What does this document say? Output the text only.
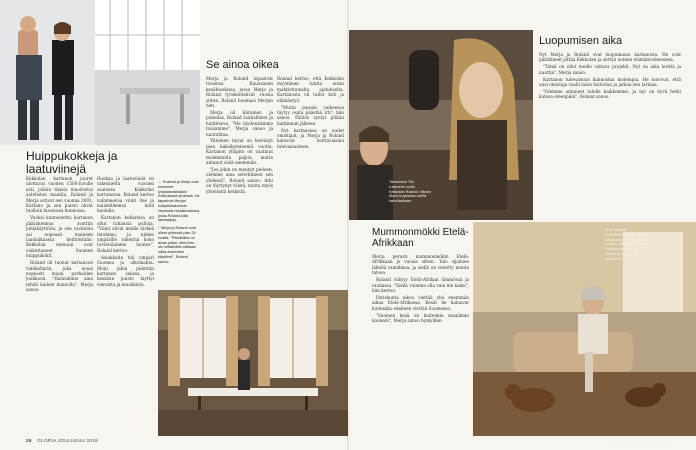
Huippukokkeja ja laatuviinejä

Kekkolan kartanon juuret ulottuvat vuoden 1500-luvulle asti, jolloin tilasta muodostui aateliston maatila. Roland ja Merja ostivat sen vuonna 2001. Kartano ja sen puisto olivat tuolloin huonossa kunnossa.

Vuoksi kunnostettu kartanon päärakennus avattiin juhlakäyttöön, ja sen ravintola sai nopeasti maineen laadukkaasta keittiöstään. Kekkolan menuun ovat vaikuttaneet Suomen huippukokit.

Roland oli tuonut kartanoon viinikellarin, joka nousi nopeasti maan parhaiden joukkoon. "Halusimme aina tehdä kaiken kunnolla", Merja sanoo.

Ruokaa ja laatuviiniä on rakennettu vuosien saatossa Kekkolan kartanossa. Roland kertoo valinneensa viinit itse ja maistelleensa niitä huolella.

Kartanon kellarissa on ollut tuhansia pulloja. "Viinit olivat meille tärkeä intohimo, ja niiden ympärille rakentui koko ravintolamme luonne", Roland kertoo.

Asiakkaita tuli ympäri Suomea ja ulkomailta. Moni juhla pidettiin kartanon salissa, ja kesäisin puisto täyttyi vieraista ja musiikista.

← Rolandi ja Merja ovat toimineet lyhytaikeisissäkin Kekkolassa yhdessä. He tapasivat Merjan kotipaikkakunnan ravintolan kesäkioskissa, jossa Roland kiilsi lasimaljoja.
↑ Merja ja Roland ovat olleet yhdessä pian 20 vuotta. "Päivälläkin on aivan paitsi, ettei ihan ole mitäänään siltäaan näkä avanneen käyttönä", Roland sanoo.
26 GLORIA JOULUKUU 2018
Se ainoa oikea

Merja ja Roland tapasivat toisensa Kausaanen kesäkioskissa, jossa Merja ja Roland työskentelivät vuosia sitten. Roland huomasi Merjan heti.

Merja oli kiireinen ja puhelias, Roland rauhallinen ja harkitseva. "Me täydennämme toisiamme", Merja sanoo ja naurahtaa.

Yhteinen taival on kestänyt pian kaksikymmentä vuotta. Kartanon ylläpito on vaatinut molemmilta paljon, mutta antanut vielä enemmän.

"Jos jokin on mennyt pieleen, olemme aina selvittäneet sen yhdessä", Roland sanoo. Arki on täyttynyt töistä, mutta myös yhteisistä hetkistä.

Roland kertoo, että Kekkolan myyminen tuntui ensin mahdottomalta ajatukselta. Kartanosta oli tullut koti ja elämäntyö.

"Mutta jossain vaiheessa täytyy osata päästää irti", hän sanoo. Päätös syntyi pitkän harkinnan jälkeen.

Nyt kartanossa on uudet omistajat, ja Merja ja Roland katsovat luottavaisina tulevaisuuteen.

Talonmiesi Tiiu Laakonen sekä Kekkolan Roland. Hänen Maria kuyksiaan siellä kahvilaskaan.
Luopumisen aika

Nyt Merja ja Roland ovat luopumassa kartanosta. He ovat päättäneet jättää Kekkolan ja siirtyä uuteen elämänvaiheeseen.

"Tämä on ollut meille valtava projekti. Nyt on aika levätä ja nauttia", Merja sanoo.

Kartanon tulevaisuus kiinnostaa molempia. He toivovat, että uusi omistaja vaalii talon historiaa ja jatkaa sen tarinaa.

"Olemme antaneet talolle kaikkemme, ja nyt on hyvä hetki katsoa eteenpäin", Roland sanoo.

Mummonmökki Etelä-Afrikkaan

Merja perusti mummonmökin Etelä-Afrikkaan jo vuosia sitten. Talo sijaitsee lähellä rannikkoa, ja siellä on vietetty monta talvea.

Roland viihtyy Etelä-Afrikan lämmössä ja rauhassa. "Siellä voimme olla vain me kaksi", hän kertoo.

Pariskunta aikoo viettää yhä enemmän aikaa Etelä-Afrikassa. Kesät he haluavat kuitenkin edelleen viettää Suomessa.

"Suomen kesä on kuitenkin maailman kaunein", Merja sanoo hymyillen.

Kuvi Kekkola Frysäänkin. Merja ollut sitkeä rakennuspuuhiin isobiks, hänellä on Merja kiitollista ja suunnan. Hänen luonnia tulee maastoon.
GLORIA JOULUKUU 2018 27
